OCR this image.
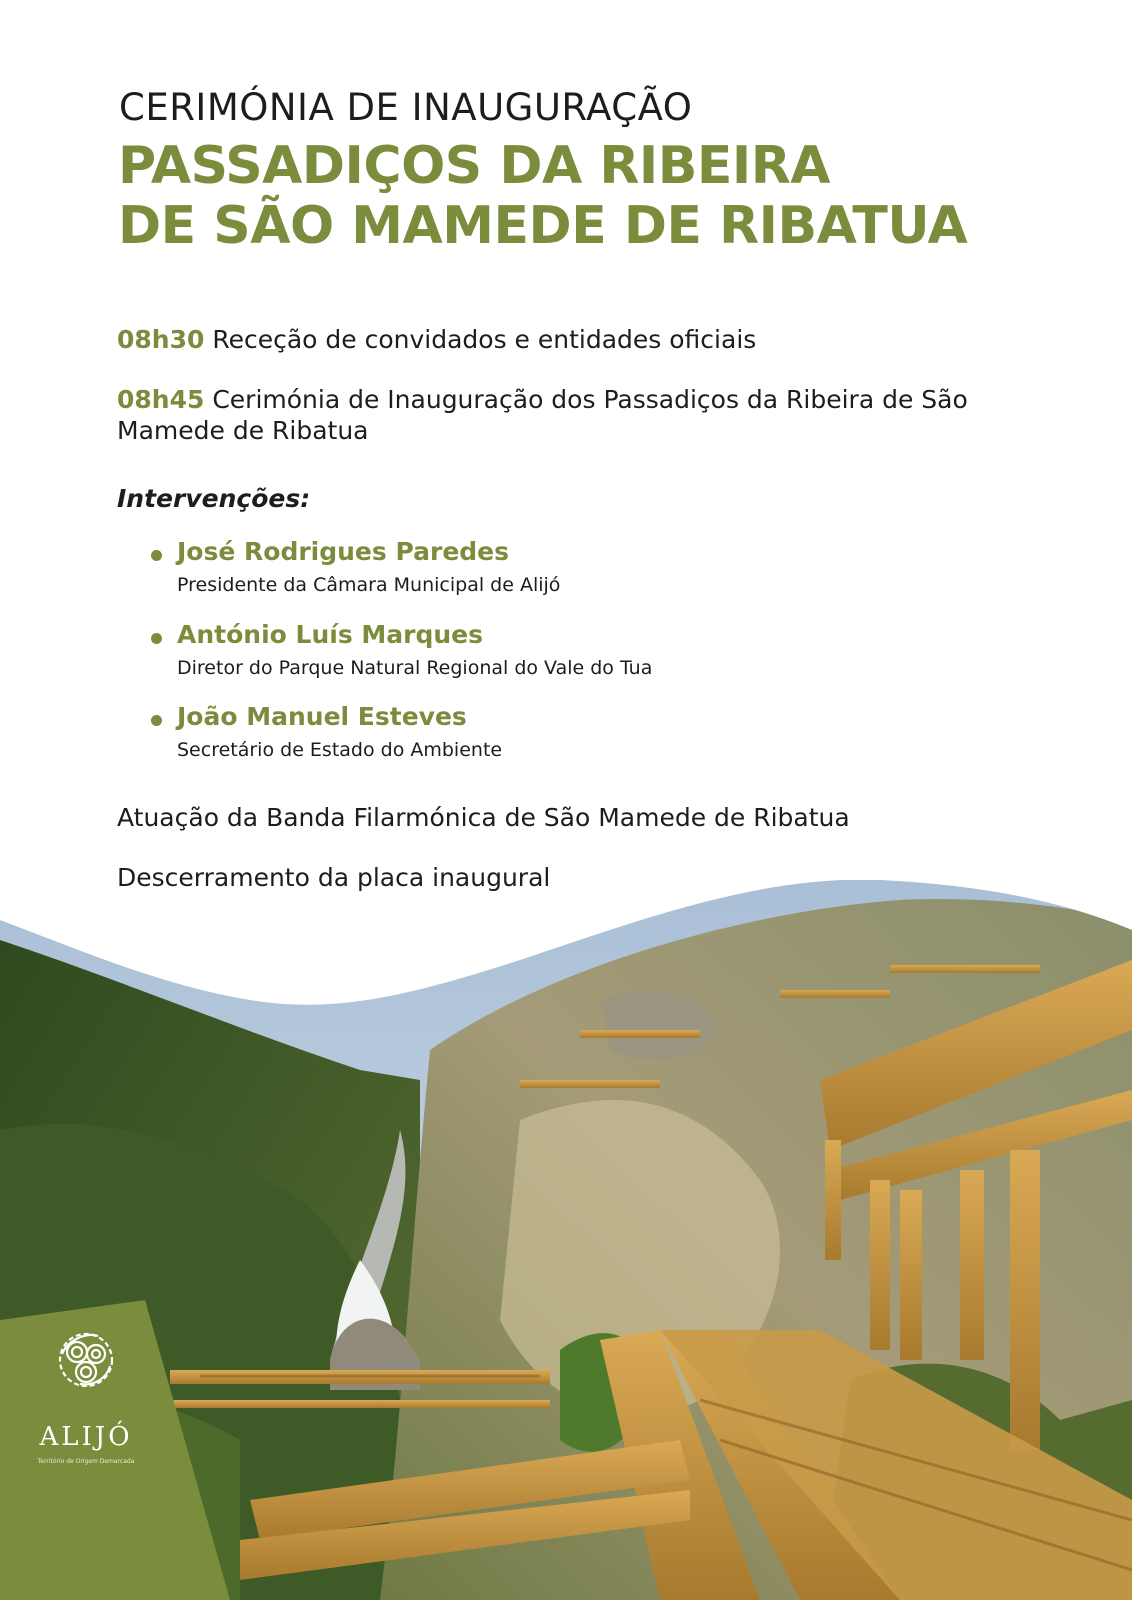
CERIMÓNIA DE INAUGURAÇÃO
PASSADIÇOS DA RIBEIRA
DE SÃO MAMEDE DE RIBATUA
08h30 Receção de convidados e entidades oficiais
08h45 Cerimónia de Inauguração dos Passadiços da Ribeira de São
Mamede de Ribatua
Intervenções:
José Rodrigues Paredes
Presidente da Câmara Municipal de Alijó
António Luís Marques
Diretor do Parque Natural Regional do Vale do Tua
João Manuel Esteves
Secretário de Estado do Ambiente
Atuação da Banda Filarmónica de São Mamede de Ribatua
Descerramento da placa inaugural
ALIJÓ
Território de Origem Demarcada
